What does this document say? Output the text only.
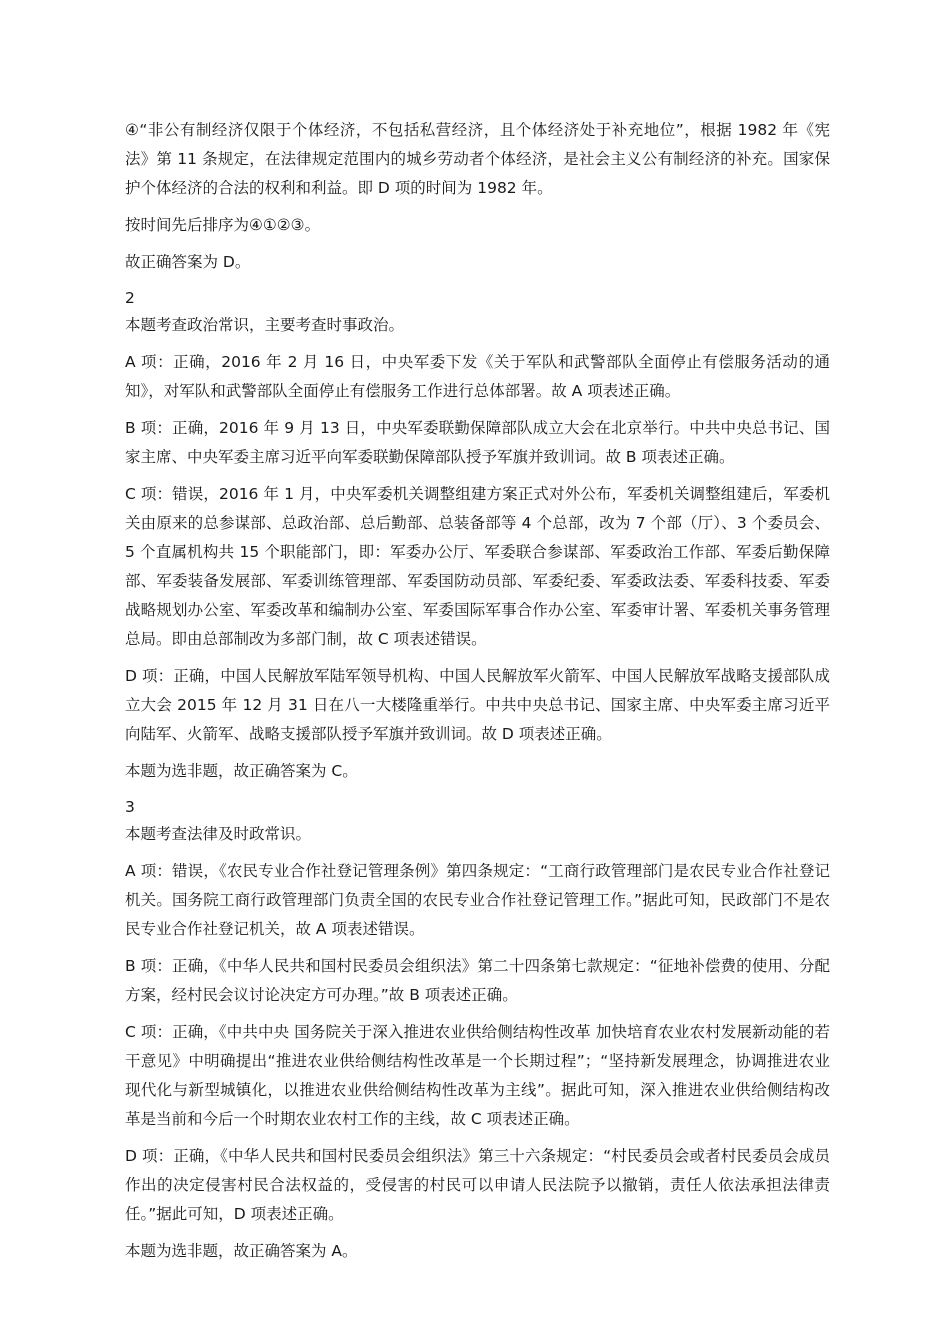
④“非公有制经济仅限于个体经济，不包括私营经济，且个体经济处于补充地位”，根据 1982 年《宪法》第 11 条规定，在法律规定范围内的城乡劳动者个体经济，是社会主义公有制经济的补充。国家保护个体经济的合法的权利和利益。即 D 项的时间为 1982 年。

按时间先后排序为④①②③。

故正确答案为 D。

2

本题考查政治常识，主要考查时事政治。

A 项：正确，2016 年 2 月 16 日，中央军委下发《关于军队和武警部队全面停止有偿服务活动的通知》，对军队和武警部队全面停止有偿服务工作进行总体部署。故 A 项表述正确。

B 项：正确，2016 年 9 月 13 日，中央军委联勤保障部队成立大会在北京举行。中共中央总书记、国家主席、中央军委主席习近平向军委联勤保障部队授予军旗并致训词。故 B 项表述正确。

C 项：错误，2016 年 1 月，中央军委机关调整组建方案正式对外公布，军委机关调整组建后，军委机关由原来的总参谋部、总政治部、总后勤部、总装备部等 4 个总部，改为 7 个部（厅）、3 个委员会、5 个直属机构共 15 个职能部门，即：军委办公厅、军委联合参谋部、军委政治工作部、军委后勤保障部、军委装备发展部、军委训练管理部、军委国防动员部、军委纪委、军委政法委、军委科技委、军委战略规划办公室、军委改革和编制办公室、军委国际军事合作办公室、军委审计署、军委机关事务管理总局。即由总部制改为多部门制，故 C 项表述错误。

D 项：正确，中国人民解放军陆军领导机构、中国人民解放军火箭军、中国人民解放军战略支援部队成立大会 2015 年 12 月 31 日在八一大楼隆重举行。中共中央总书记、国家主席、中央军委主席习近平向陆军、火箭军、战略支援部队授予军旗并致训词。故 D 项表述正确。

本题为选非题，故正确答案为 C。

3

本题考查法律及时政常识。

A 项：错误，《农民专业合作社登记管理条例》第四条规定：“工商行政管理部门是农民专业合作社登记机关。国务院工商行政管理部门负责全国的农民专业合作社登记管理工作。”据此可知，民政部门不是农民专业合作社登记机关，故 A 项表述错误。

B 项：正确，《中华人民共和国村民委员会组织法》第二十四条第七款规定：“征地补偿费的使用、分配方案，经村民会议讨论决定方可办理。”故 B 项表述正确。

C 项：正确，《中共中央 国务院关于深入推进农业供给侧结构性改革 加快培育农业农村发展新动能的若干意见》中明确提出“推进农业供给侧结构性改革是一个长期过程”；“坚持新发展理念，协调推进农业现代化与新型城镇化，以推进农业供给侧结构性改革为主线”。据此可知，深入推进农业供给侧结构改革是当前和今后一个时期农业农村工作的主线，故 C 项表述正确。

D 项：正确，《中华人民共和国村民委员会组织法》第三十六条规定：“村民委员会或者村民委员会成员作出的决定侵害村民合法权益的，受侵害的村民可以申请人民法院予以撤销，责任人依法承担法律责任。”据此可知，D 项表述正确。

本题为选非题，故正确答案为 A。
